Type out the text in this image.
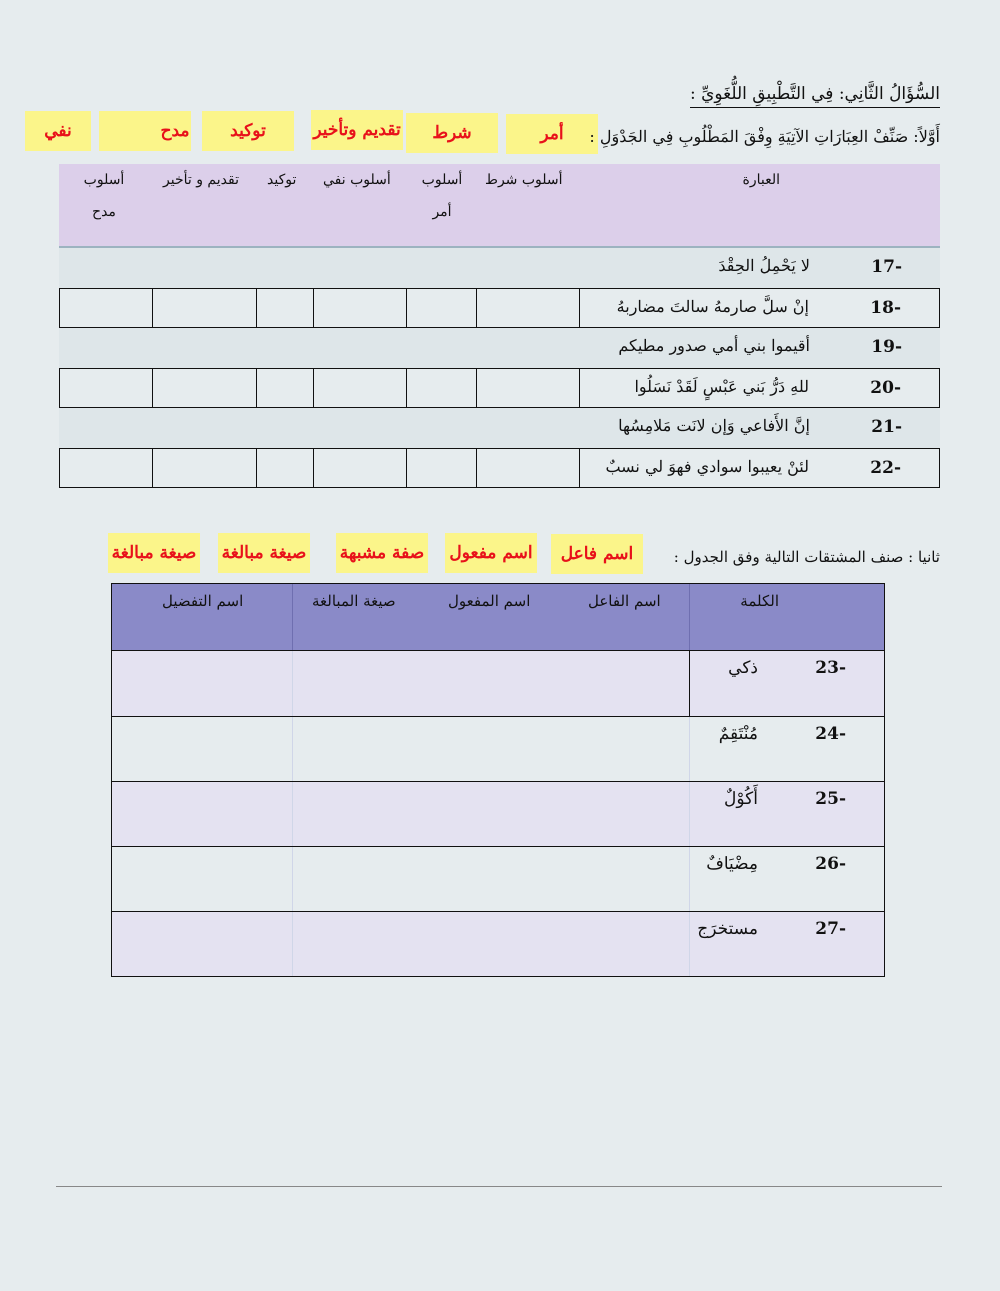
السُّؤَالُ الثَّانِي: فِي التَّطْبِيقِ اللُّغَوِيِّ :
أمر
شرط
تقديم وتأخير
توكيد
مدح
نفي	أَوَّلاً: صَنِّفْ العِبَارَاتِ الآتِيَةِ وِفْقَ المَطْلُوبِ فِي الجَدْوَلِ :
العبارة
أسلوب شرط
أسلوب
أمر
أسلوب نفي
توكيد
تقديم و تأخير
أسلوب
مدح
17-
لا يَحْمِلُ الحِقْدَ
18-
إنْ سلَّ صارمهُ سالتَ مضاربهُ
19-
أقيموا بني أمي صدور مطيكم
20-
للهِ دَرُّ بَني عَبْسٍ لَقَدْ نَسَلُوا
21-
إنَّ الأَفاعي وَإن لانَت مَلامِسُها
22-
لئنْ يعيبوا سوادي فهوَ لي نسبٌ
اسم فاعل
اسم مفعول
صفة مشبهة
صيغة مبالغة
صيغة مبالغة	ثانيا : صنف المشتقات التالية وفق الجدول :
الكلمة
اسم الفاعل
اسم المفعول
صيغة المبالغة
اسم التفضيل
23-
ذكي
24-
مُنْتَقِمٌ
25-
أَكُوْلٌ
26-
مِضْيَافٌ
27-
مستخرَج
